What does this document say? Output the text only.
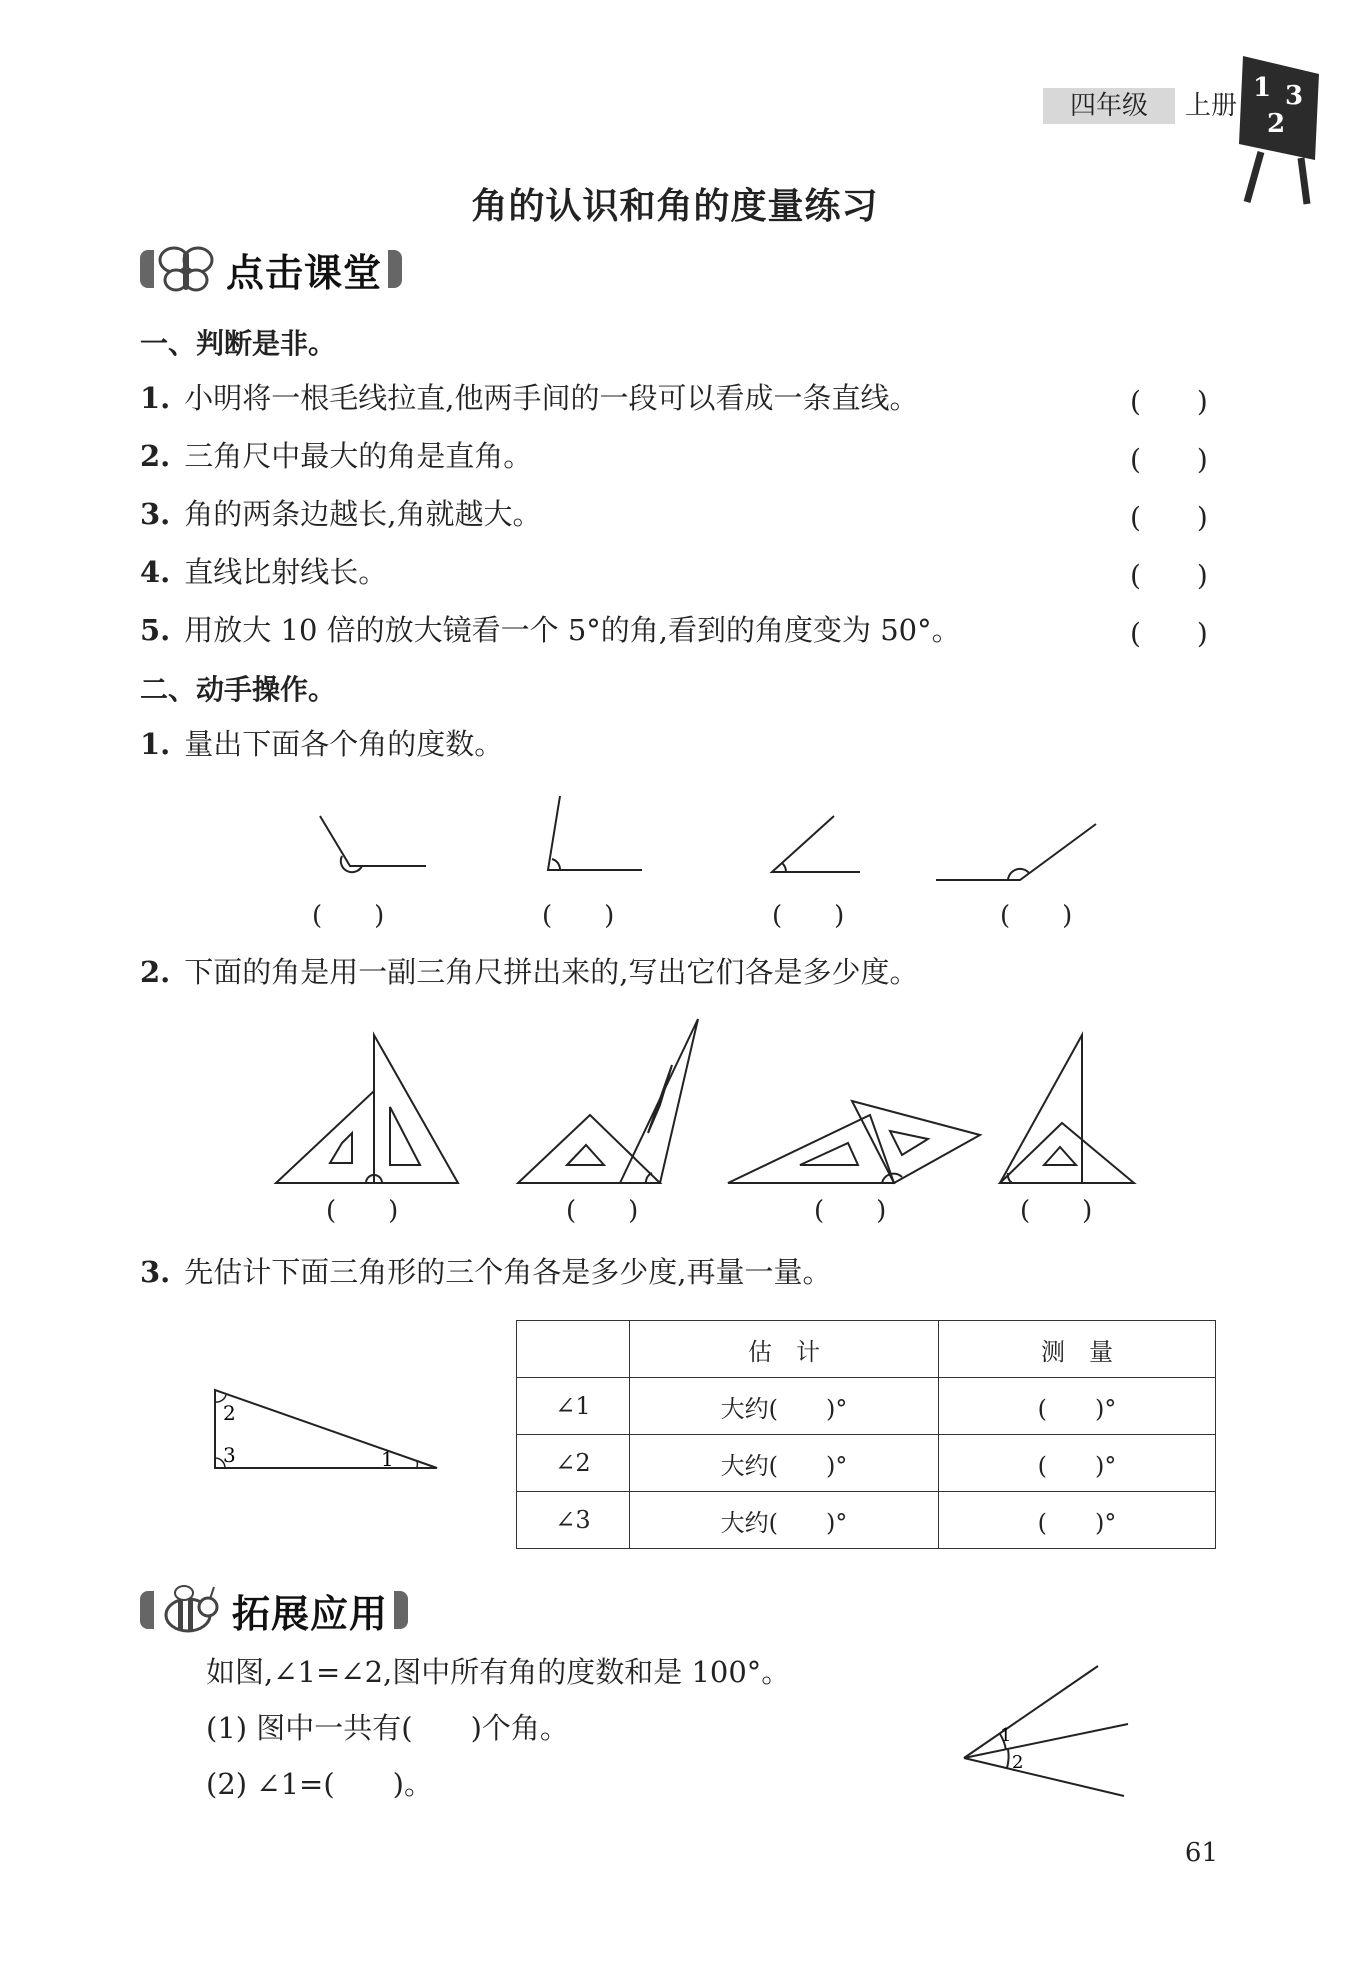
四年级	上册
1 3
2
角的认识和角的度量练习
点击课堂
一、判断是非。
1. 小明将一根毛线拉直,他两手间的一段可以看成一条直线。	(　　)
2. 三角尺中最大的角是直角。	(　　)
3. 角的两条边越长,角就越大。	(　　)
4. 直线比射线长。	(　　)
5. 用放大 10 倍的放大镜看一个 5°的角,看到的角度变为 50°。	(　　)
二、动手操作。
1. 量出下面各个角的度数。
(　　)	(　　)	(　　)	(　　)
2. 下面的角是用一副三角尺拼出来的,写出它们各是多少度。
(　　)	(　　)	(　　)	(　　)
3. 先估计下面三角形的三个角各是多少度,再量一量。
2
3	1
	估　计	测　量
∠1	大约(　　)°	(　　)°
∠2	大约(　　)°	(　　)°
∠3	大约(　　)°	(　　)°
拓展应用
如图,∠1=∠2,图中所有角的度数和是 100°。
(1) 图中一共有(　　)个角。
(2) ∠1=(　　)。
1
2
61
